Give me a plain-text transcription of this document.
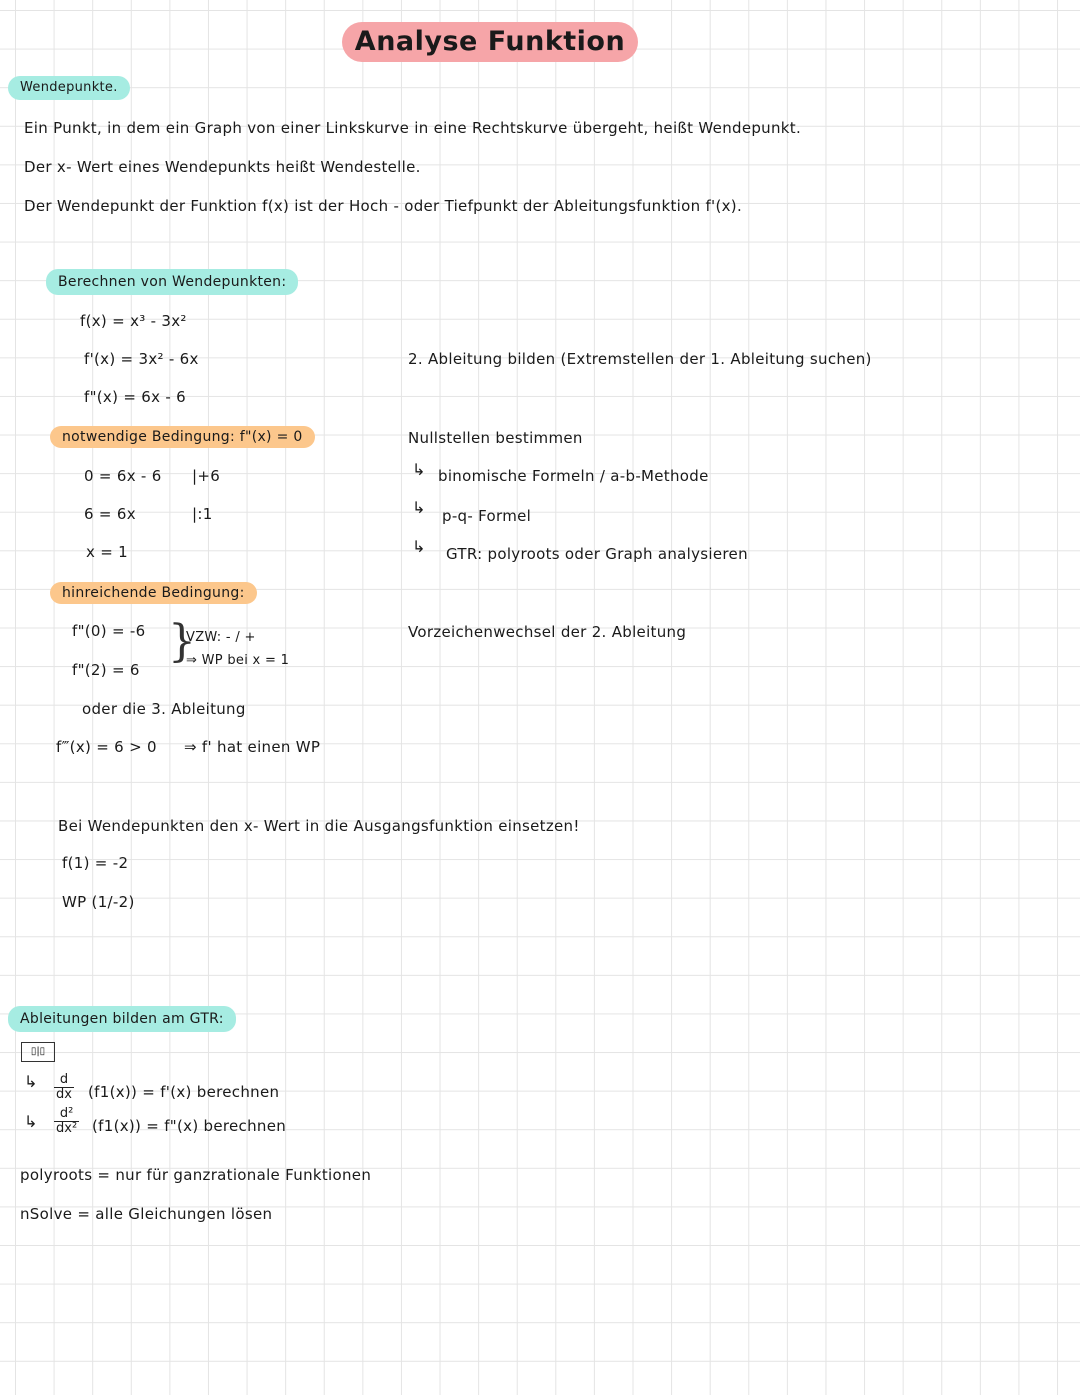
Analyse Funktion
Wendepunkte.
Ein Punkt, in dem ein Graph von einer Linkskurve in eine Rechtskurve übergeht, heißt Wendepunkt.
Der x- Wert eines Wendepunkts heißt Wendestelle.
Der Wendepunkt der Funktion f(x) ist der Hoch - oder Tiefpunkt der Ableitungsfunktion f'(x).
Berechnen von Wendepunkten:
f(x) = x³ - 3x²
f'(x) = 3x² - 6x
f"(x) = 6x - 6
2. Ableitung bilden (Extremstellen der 1. Ableitung suchen)
notwendige Bedingung: f"(x) = 0
0 = 6x - 6 |+6
6 = 6x	|:1
x = 1
Nullstellen bestimmen
↳ binomische Formeln / a-b-Methode
↳ p-q- Formel
↳ GTR: polyroots oder Graph analysieren
hinreichende Bedingung:
f"(0) = -6
f"(2) = 6
}
VZW: - / +
⇒ WP bei x = 1
oder die 3. Ableitung
f‴(x) = 6 > 0 ⇒ f' hat einen WP
Vorzeichenwechsel der 2. Ableitung
Bei Wendepunkten den x- Wert in die Ausgangsfunktion einsetzen!
f(1) = -2
WP (1/-2)
Ableitungen bilden am GTR:
▯|▯
↳ $\frac{d}{dx} (f1(x)) = f'(x)$ berechnen
↳ $\frac{\text{d²}}{\text{dx²}} (f1(x))$ = f"(x) berechnen
polyroots = nur für ganzrationale Funktionen
nSolve = alle Gleichungen lösen
